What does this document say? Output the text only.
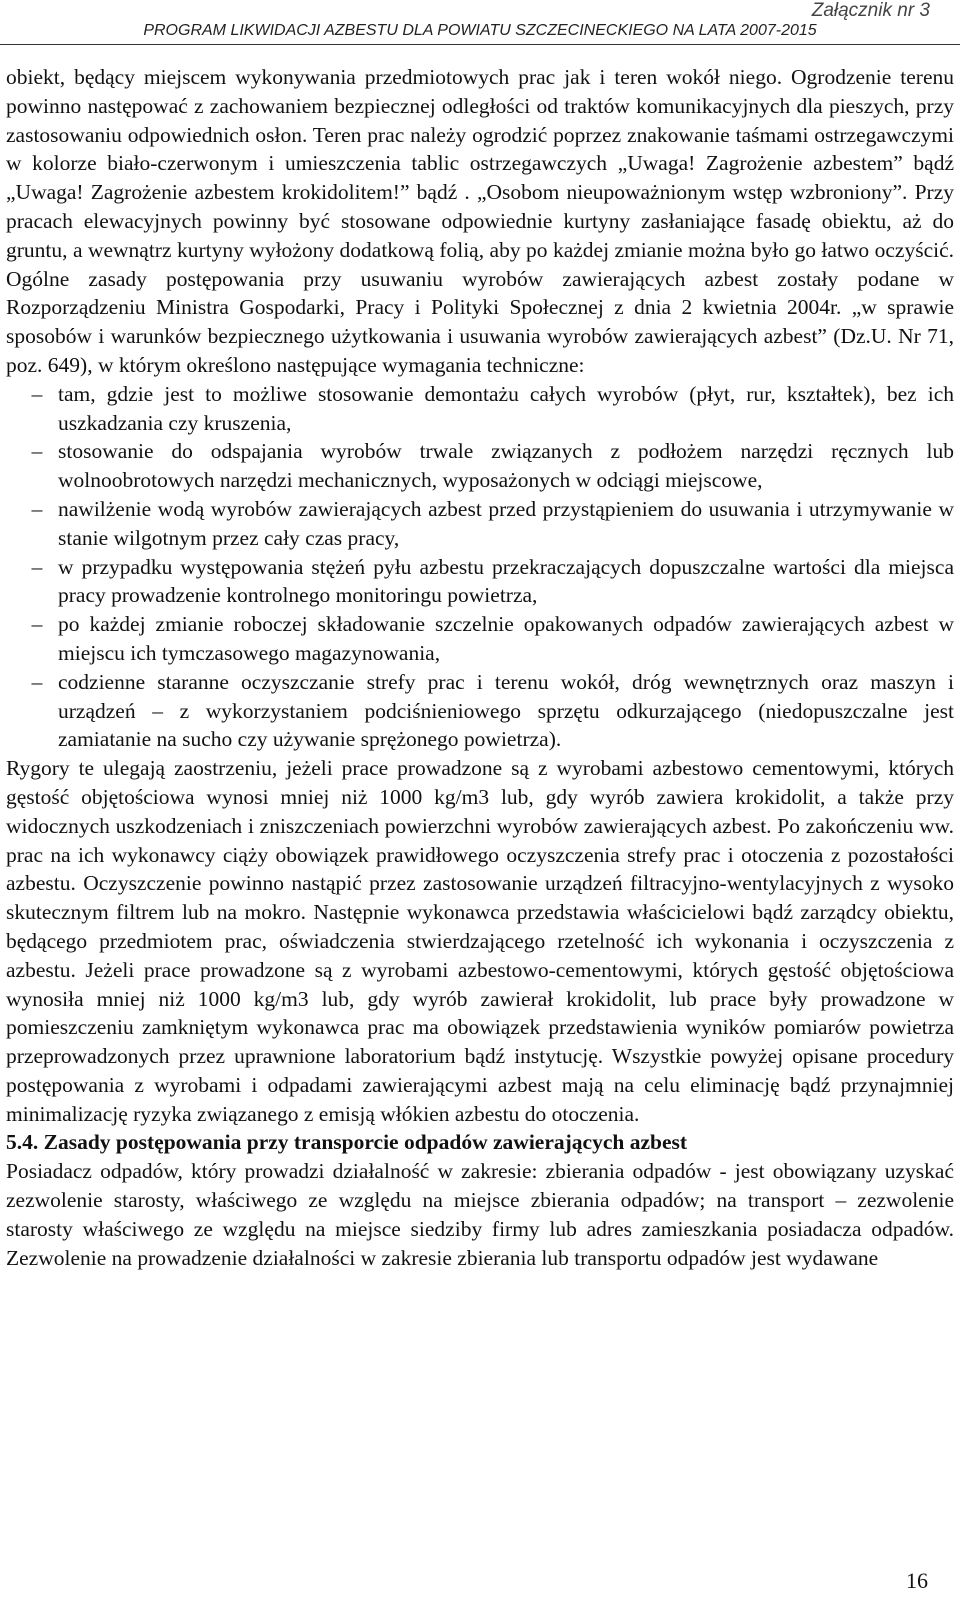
Załącznik nr 3
PROGRAM LIKWIDACJI AZBESTU DLA POWIATU SZCZECINECKIEGO NA LATA 2007-2015

obiekt, będący miejscem wykonywania przedmiotowych prac jak i teren wokół niego. Ogrodzenie terenu powinno następować z zachowaniem bezpiecznej odległości od traktów komunikacyjnych dla pieszych, przy zastosowaniu odpowiednich osłon. Teren prac należy ogrodzić poprzez znakowanie taśmami ostrzegawczymi w kolorze biało-czerwonym i umieszczenia tablic ostrzegawczych „Uwaga! Zagrożenie azbestem” bądź „Uwaga! Zagrożenie azbestem krokidolitem!” bądź . „Osobom nieupoważnionym wstęp wzbroniony”. Przy pracach elewacyjnych powinny być stosowane odpowiednie kurtyny zasłaniające fasadę obiektu, aż do gruntu, a wewnątrz kurtyny wyłożony dodatkową folią, aby po każdej zmianie można było go łatwo oczyścić. Ogólne zasady postępowania przy usuwaniu wyrobów zawierających azbest zostały podane w Rozporządzeniu Ministra Gospodarki, Pracy i Polityki Społecznej z dnia 2 kwietnia 2004r. „w sprawie sposobów i warunków bezpiecznego użytkowania i usuwania wyrobów zawierających azbest” (Dz.U. Nr 71, poz. 649), w którym określono następujące wymagania techniczne:

– tam, gdzie jest to możliwe stosowanie demontażu całych wyrobów (płyt, rur, kształtek), bez ich uszkadzania czy kruszenia,
– stosowanie do odspajania wyrobów trwale związanych z podłożem narzędzi ręcznych lub wolnoobrotowych narzędzi mechanicznych, wyposażonych w odciągi miejscowe,
– nawilżenie wodą wyrobów zawierających azbest przed przystąpieniem do usuwania i utrzymywanie w stanie wilgotnym przez cały czas pracy,
– w przypadku występowania stężeń pyłu azbestu przekraczających dopuszczalne wartości dla miejsca pracy prowadzenie kontrolnego monitoringu powietrza,
– po każdej zmianie roboczej składowanie szczelnie opakowanych odpadów zawierających azbest w miejscu ich tymczasowego magazynowania,
– codzienne staranne oczyszczanie strefy prac i terenu wokół, dróg wewnętrznych oraz maszyn i urządzeń – z wykorzystaniem podciśnieniowego sprzętu odkurzającego (niedopuszczalne jest zamiatanie na sucho czy używanie sprężonego powietrza).

Rygory te ulegają zaostrzeniu, jeżeli prace prowadzone są z wyrobami azbestowo cementowymi, których gęstość objętościowa wynosi mniej niż 1000 kg/m3 lub, gdy wyrób zawiera krokidolit, a także przy widocznych uszkodzeniach i zniszczeniach powierzchni wyrobów zawierających azbest. Po zakończeniu ww. prac na ich wykonawcy ciąży obowiązek prawidłowego oczyszczenia strefy prac i otoczenia z pozostałości azbestu. Oczyszczenie powinno nastąpić przez zastosowanie urządzeń filtracyjno-wentylacyjnych z wysoko skutecznym filtrem lub na mokro. Następnie wykonawca przedstawia właścicielowi bądź zarządcy obiektu, będącego przedmiotem prac, oświadczenia stwierdzającego rzetelność ich wykonania i oczyszczenia z azbestu. Jeżeli prace prowadzone są z wyrobami azbestowo-cementowymi, których gęstość objętościowa wynosiła mniej niż 1000 kg/m3 lub, gdy wyrób zawierał krokidolit, lub prace były prowadzone w pomieszczeniu zamkniętym wykonawca prac ma obowiązek przedstawienia wyników pomiarów powietrza przeprowadzonych przez uprawnione laboratorium bądź instytucję. Wszystkie powyżej opisane procedury postępowania z wyrobami i odpadami zawierającymi azbest mają na celu eliminację bądź przynajmniej minimalizację ryzyka związanego z emisją włókien azbestu do otoczenia.

5.4. Zasady postępowania przy transporcie odpadów zawierających azbest

Posiadacz odpadów, który prowadzi działalność w zakresie: zbierania odpadów - jest obowiązany uzyskać zezwolenie starosty, właściwego ze względu na miejsce zbierania odpadów; na transport – zezwolenie starosty właściwego ze względu na miejsce siedziby firmy lub adres zamieszkania posiadacza odpadów. Zezwolenie na prowadzenie działalności w zakresie zbierania lub transportu odpadów jest wydawane

16
